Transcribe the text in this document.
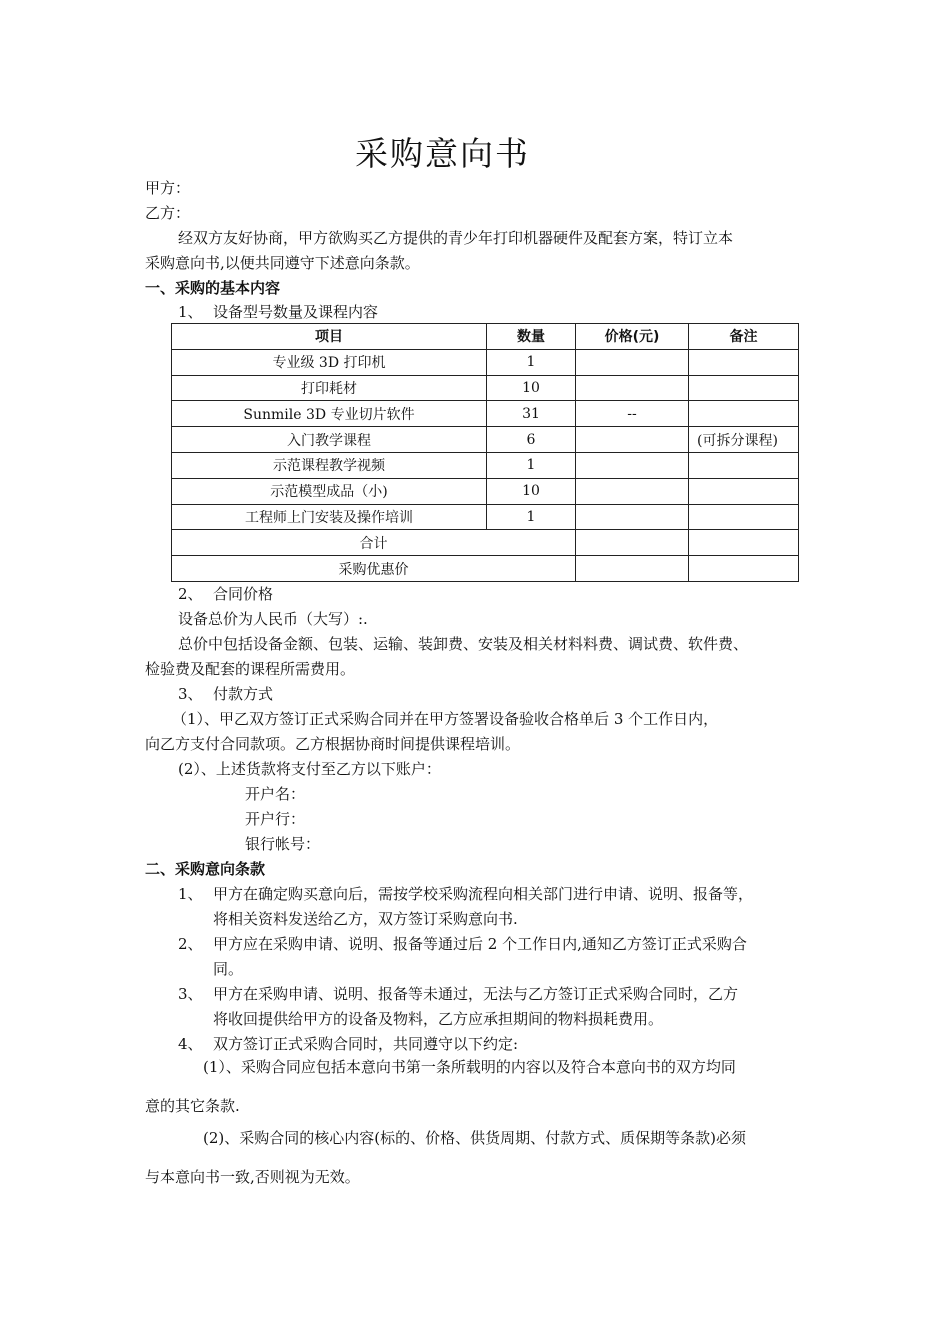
采购意向书
甲方：
乙方：
经双方友好协商，甲方欲购买乙方提供的青少年打印机器硬件及配套方案，特订立本
采购意向书,以便共同遵守下述意向条款。
一、采购的基本内容
1、 设备型号数量及课程内容
项目	数量	价格(元)	备注
专业级 3D 打印机	1		
打印耗材	10		
Sunmile 3D 专业切片软件	31	--	
入门教学课程	6		(可拆分课程)
示范课程教学视频	1		
示范模型成品（小)	10		
工程师上门安装及操作培训	1		
合计			
采购优惠价			
2、 合同价格
设备总价为人民币（大写）:.
总价中包括设备金额、包装、运输、装卸费、安装及相关材料料费、调试费、软件费、
检验费及配套的课程所需费用。
3、 付款方式
（1）、甲乙双方签订正式采购合同并在甲方签署设备验收合格单后 3 个工作日内，
向乙方支付合同款项。乙方根据协商时间提供课程培训。
(2）、上述货款将支付至乙方以下账户：
开户名：
开户行：
银行帐号：
二、采购意向条款
1、 甲方在确定购买意向后，需按学校采购流程向相关部门进行申请、说明、报备等，
将相关资料发送给乙方，双方签订采购意向书.
2、 甲方应在采购申请、说明、报备等通过后 2 个工作日内,通知乙方签订正式采购合
同。
3、 甲方在采购申请、说明、报备等未通过，无法与乙方签订正式采购合同时，乙方
将收回提供给甲方的设备及物料，乙方应承担期间的物料损耗费用。
4、 双方签订正式采购合同时，共同遵守以下约定:
(1）、采购合同应包括本意向书第一条所载明的内容以及符合本意向书的双方均同
意的其它条款.
(2)、采购合同的核心内容(标的、价格、供货周期、付款方式、质保期等条款)必须
与本意向书一致,否则视为无效。
